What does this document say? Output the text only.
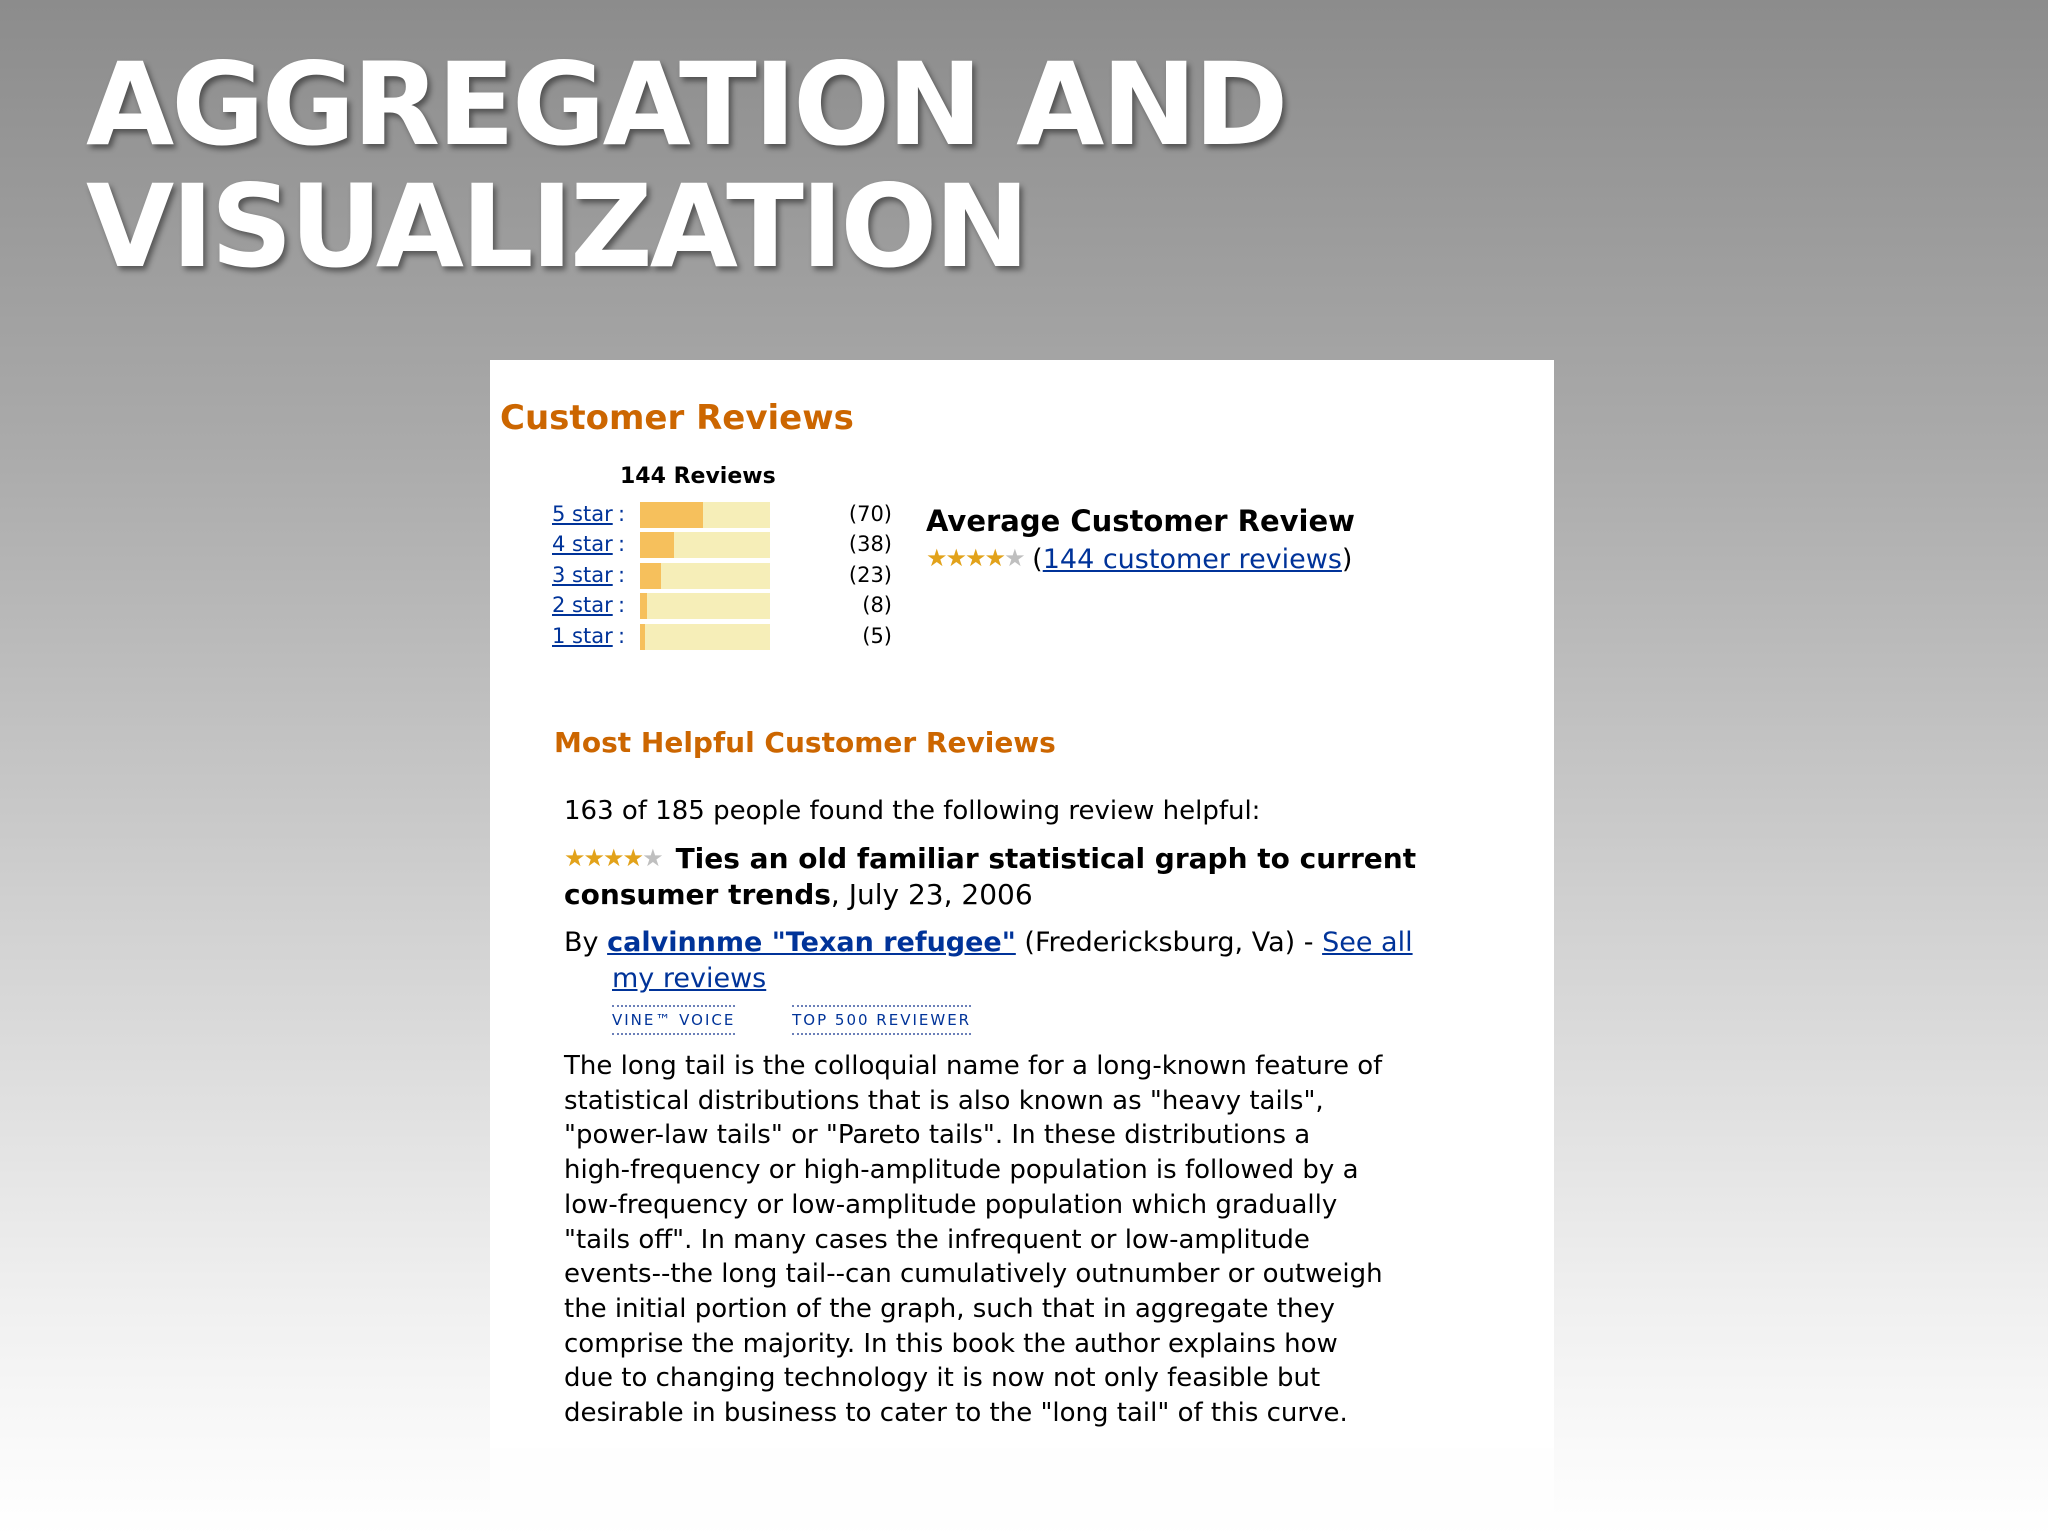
AGGREGATION AND
VISUALIZATION
Customer Reviews
144 Reviews
5 star :	(70)
4 star :	(38)
3 star :	(23)
2 star :	(8)
1 star :	(5)
Average Customer Review
★★★★★ (144 customer reviews)
Most Helpful Customer Reviews
163 of 185 people found the following review helpful:
★★★★★ Ties an old familiar statistical graph to current consumer trends, July 23, 2006
By calvinnme "Texan refugee" (Fredericksburg, Va) - See all
my reviews
VINE™ VOICE	TOP 500 REVIEWER
The long tail is the colloquial name for a long-known feature of
statistical distributions that is also known as "heavy tails",
"power-law tails" or "Pareto tails". In these distributions a
high-frequency or high-amplitude population is followed by a
low-frequency or low-amplitude population which gradually
"tails off". In many cases the infrequent or low-amplitude
events--the long tail--can cumulatively outnumber or outweigh
the initial portion of the graph, such that in aggregate they
comprise the majority. In this book the author explains how
due to changing technology it is now not only feasible but
desirable in business to cater to the "long tail" of this curve.
